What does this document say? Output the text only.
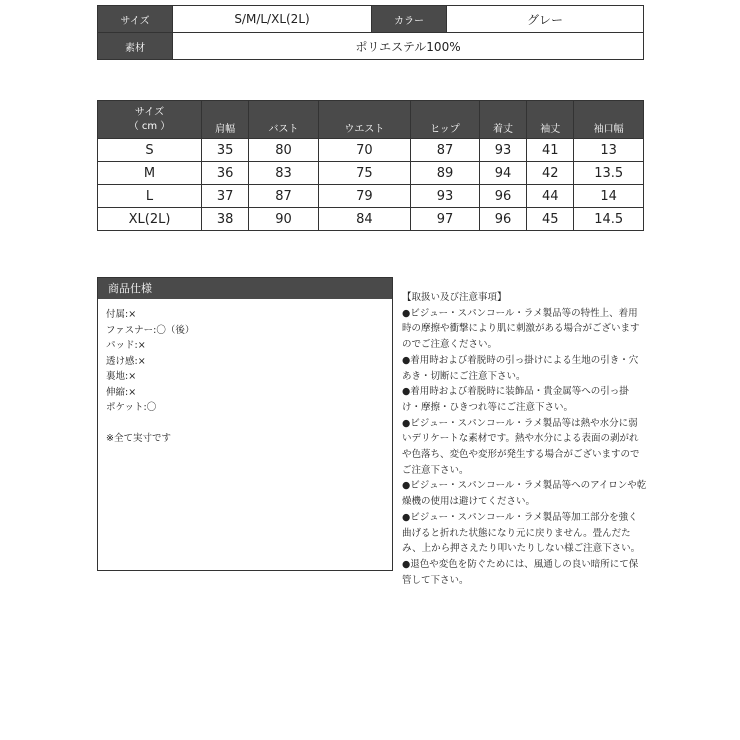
サイズ	S/M/L/XL(2L)	カラー	グレー
素材	ポリエステル100%		
サイズ
（ cm ）	肩幅	バスト	ウエスト	ヒップ	着丈	袖丈	袖口幅
S	35	80	70	87	93	41	13
M	36	83	75	89	94	42	13.5
L	37	87	79	93	96	44	14
XL(2L)	38	90	84	97	96	45	14.5
商品仕様
付属:×
ファスナー:〇（後）
パッド:×
透け感:×
裏地:×
伸縮:×
ポケット:〇
※全て実寸です
【取扱い及び注意事項】
●ビジュー・スパンコール・ラメ製品等の特性上、着用時の摩擦や衝撃により肌に刺激がある場合がございますのでご注意ください。
●着用時および着脱時の引っ掛けによる生地の引き・穴あき・切断にご注意下さい。
●着用時および着脱時に装飾品・貴金属等への引っ掛け・摩擦・ひきつれ等にご注意下さい。
●ビジュー・スパンコール・ラメ製品等は熱や水分に弱いデリケートな素材です。熱や水分による表面の剥がれや色落ち、変色や変形が発生する場合がございますのでご注意下さい。
●ビジュー・スパンコール・ラメ製品等へのアイロンや乾燥機の使用は避けてください。
●ビジュー・スパンコール・ラメ製品等加工部分を強く曲げると折れた状態になり元に戻りません。畳んだたみ、上から押さえたり叩いたりしない様ご注意下さい。
●退色や変色を防ぐためには、風通しの良い暗所にて保管して下さい。
